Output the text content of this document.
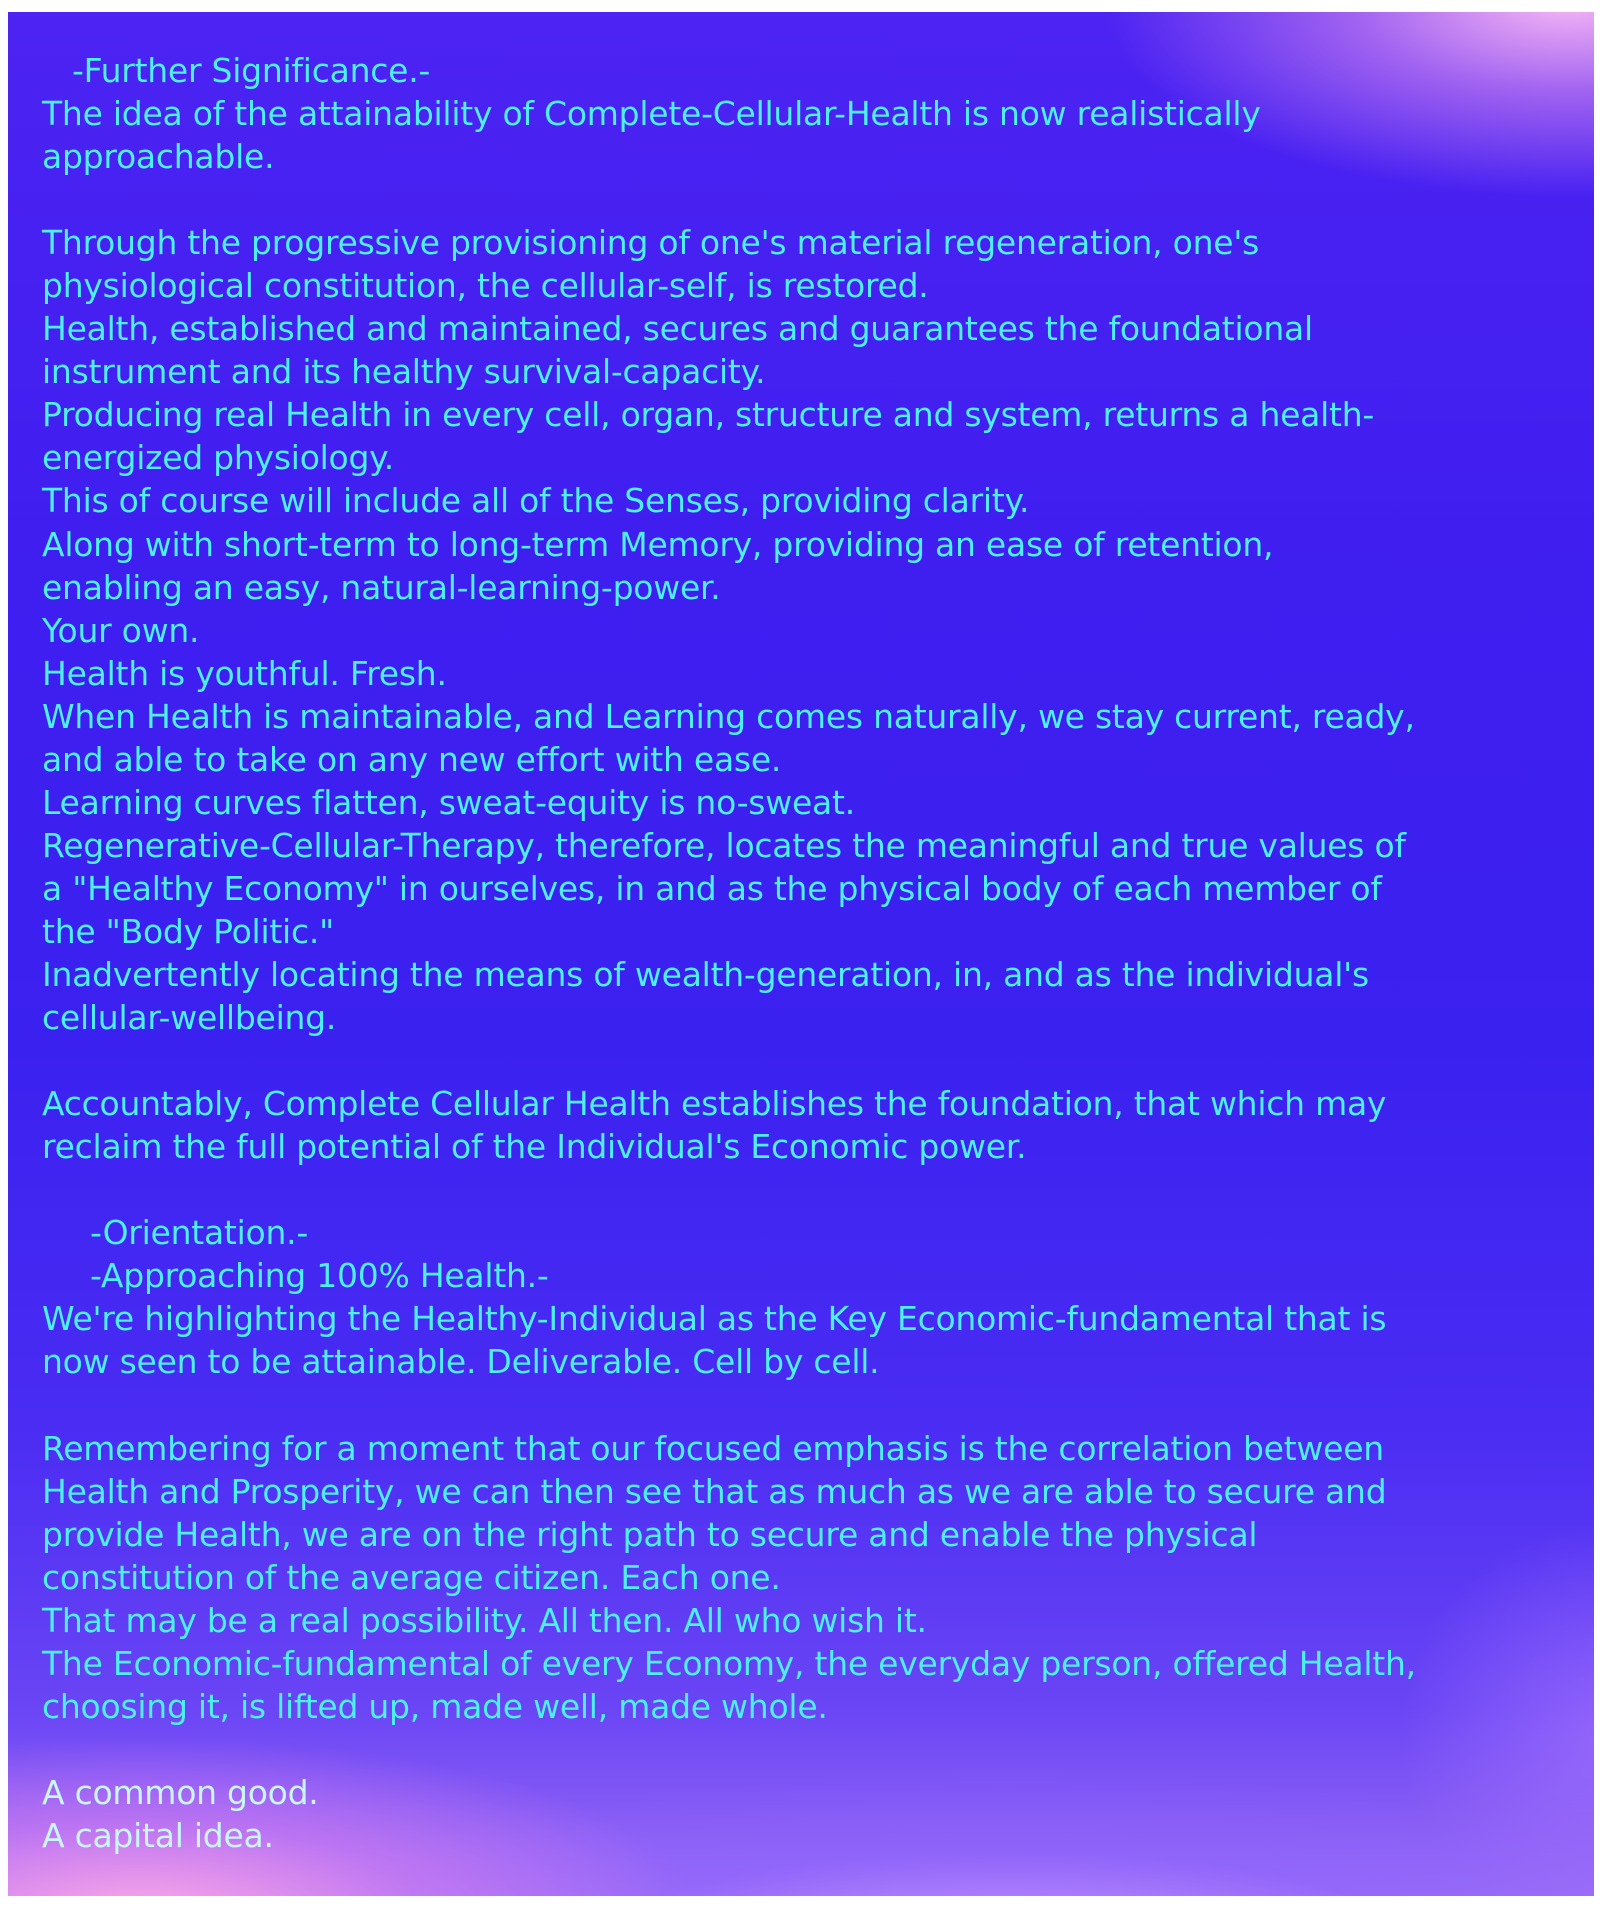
-Further Significance.-
The idea of the attainability of Complete-Cellular-Health is now realistically
approachable.
Through the progressive provisioning of one's material regeneration, one's
physiological constitution, the cellular-self, is restored.
Health, established and maintained, secures and guarantees the foundational
instrument and its healthy survival-capacity.
Producing real Health in every cell, organ, structure and system, returns a health-
energized physiology.
This of course will include all of the Senses, providing clarity.
Along with short-term to long-term Memory, providing an ease of retention,
enabling an easy, natural-learning-power.
Your own.
Health is youthful. Fresh.
When Health is maintainable, and Learning comes naturally, we stay current, ready,
and able to take on any new effort with ease.
Learning curves flatten, sweat-equity is no-sweat.
Regenerative-Cellular-Therapy, therefore, locates the meaningful and true values of
a "Healthy Economy" in ourselves, in and as the physical body of each member of
the "Body Politic."
Inadvertently locating the means of wealth-generation, in, and as the individual's
cellular-wellbeing.
Accountably, Complete Cellular Health establishes the foundation, that which may
reclaim the full potential of the Individual's Economic power.
-Orientation.-
-Approaching 100% Health.-
We're highlighting the Healthy-Individual as the Key Economic-fundamental that is
now seen to be attainable. Deliverable. Cell by cell.
Remembering for a moment that our focused emphasis is the correlation between
Health and Prosperity, we can then see that as much as we are able to secure and
provide Health, we are on the right path to secure and enable the physical
constitution of the average citizen. Each one.
That may be a real possibility. All then. All who wish it.
The Economic-fundamental of every Economy, the everyday person, offered Health,
choosing it, is lifted up, made well, made whole.
A common good.
A capital idea.
